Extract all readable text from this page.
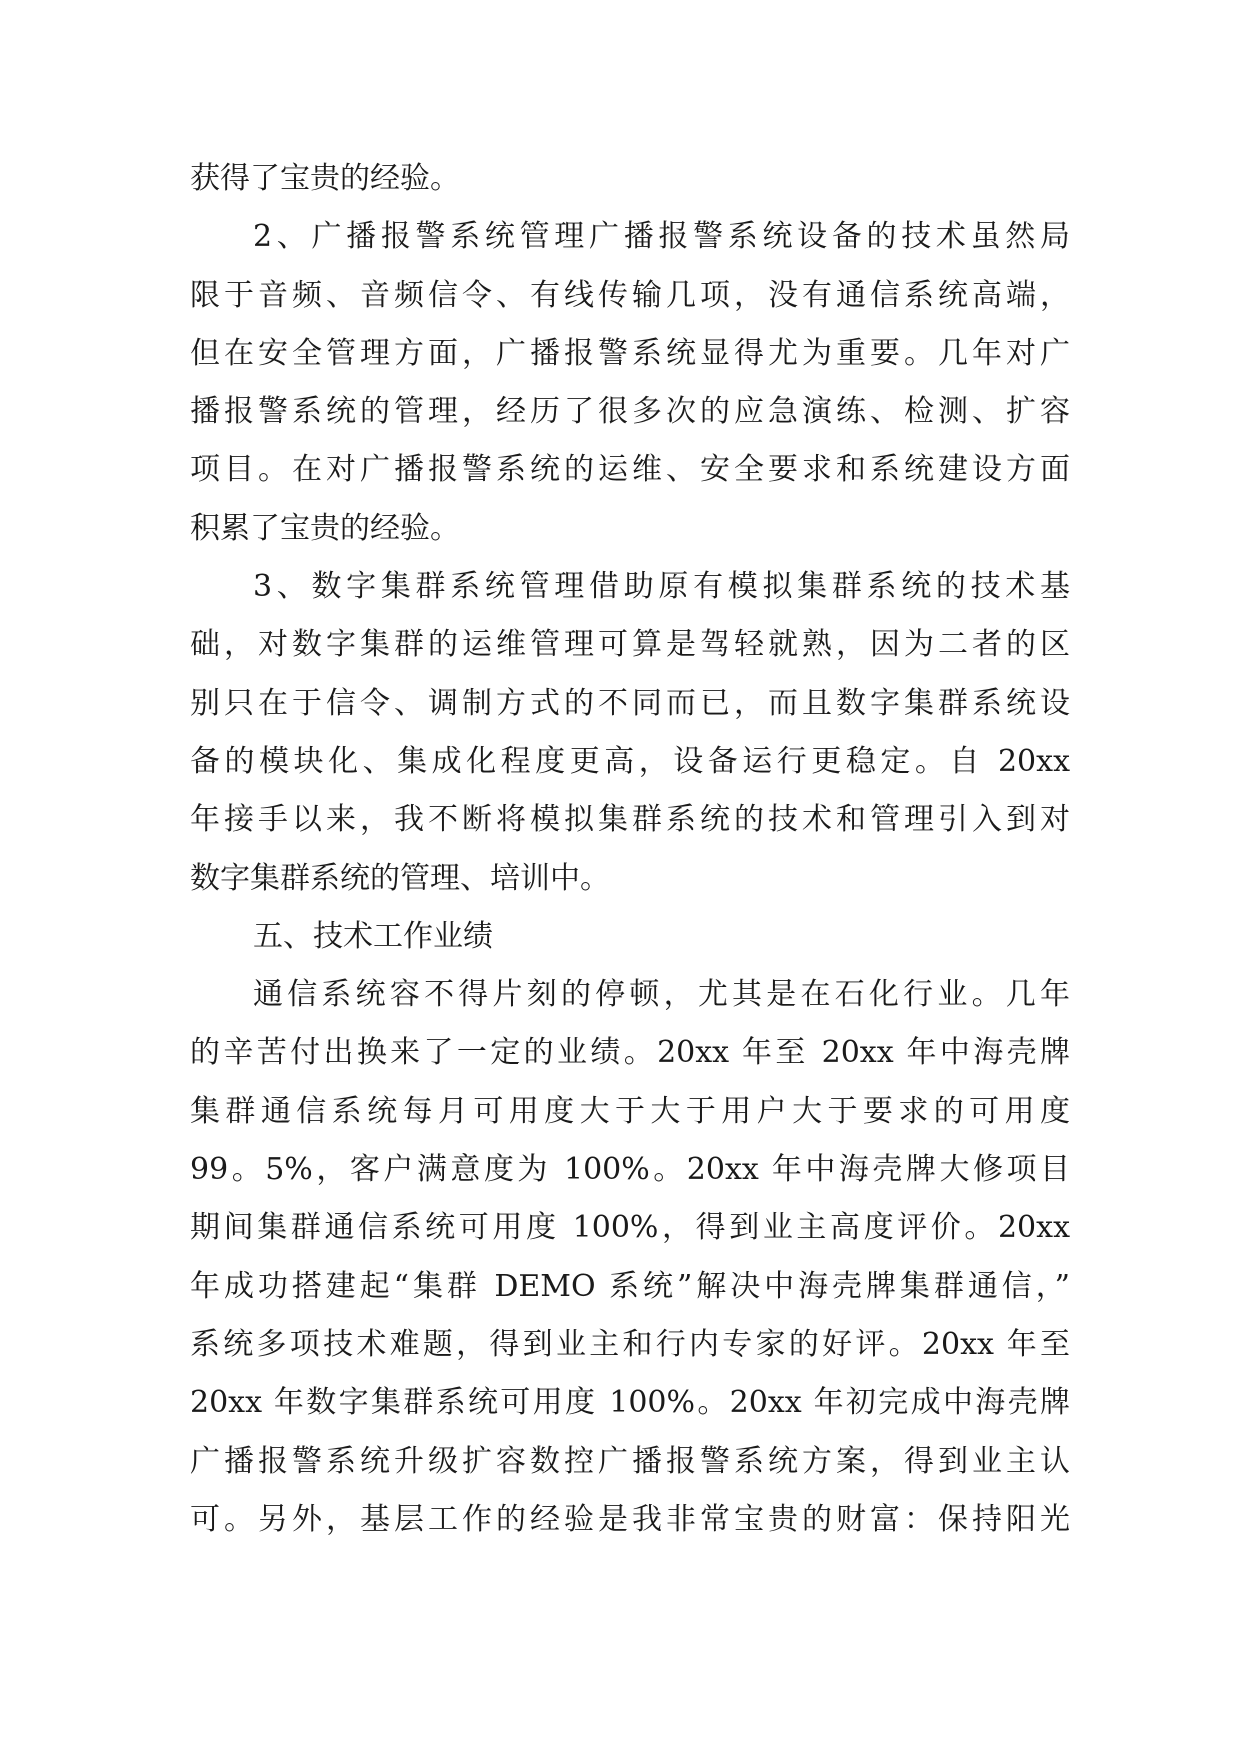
获得了宝贵的经验。
2、广播报警系统管理广播报警系统设备的技术虽然局
限于音频、音频信令、有线传输几项，没有通信系统高端，
但在安全管理方面，广播报警系统显得尤为重要。几年对广
播报警系统的管理，经历了很多次的应急演练、检测、扩容
项目。在对广播报警系统的运维、安全要求和系统建设方面
积累了宝贵的经验。
3、数字集群系统管理借助原有模拟集群系统的技术基
础，对数字集群的运维管理可算是驾轻就熟，因为二者的区
别只在于信令、调制方式的不同而已，而且数字集群系统设
备的模块化、集成化程度更高，设备运行更稳定。自 20xx
年接手以来，我不断将模拟集群系统的技术和管理引入到对
数字集群系统的管理、培训中。
五、技术工作业绩
通信系统容不得片刻的停顿，尤其是在石化行业。几年
的辛苦付出换来了一定的业绩。20xx 年至 20xx 年中海壳牌
集群通信系统每月可用度大于大于用户大于要求的可用度
99。5%，客户满意度为 100%。20xx 年中海壳牌大修项目
期间集群通信系统可用度 100%，得到业主高度评价。20xx
年成功搭建起“集群 DEMO 系统”解决中海壳牌集群通信，”
系统多项技术难题，得到业主和行内专家的好评。20xx 年至
20xx 年数字集群系统可用度 100%。20xx 年初完成中海壳牌
广播报警系统升级扩容数控广播报警系统方案，得到业主认
可。另外，基层工作的经验是我非常宝贵的财富：保持阳光
